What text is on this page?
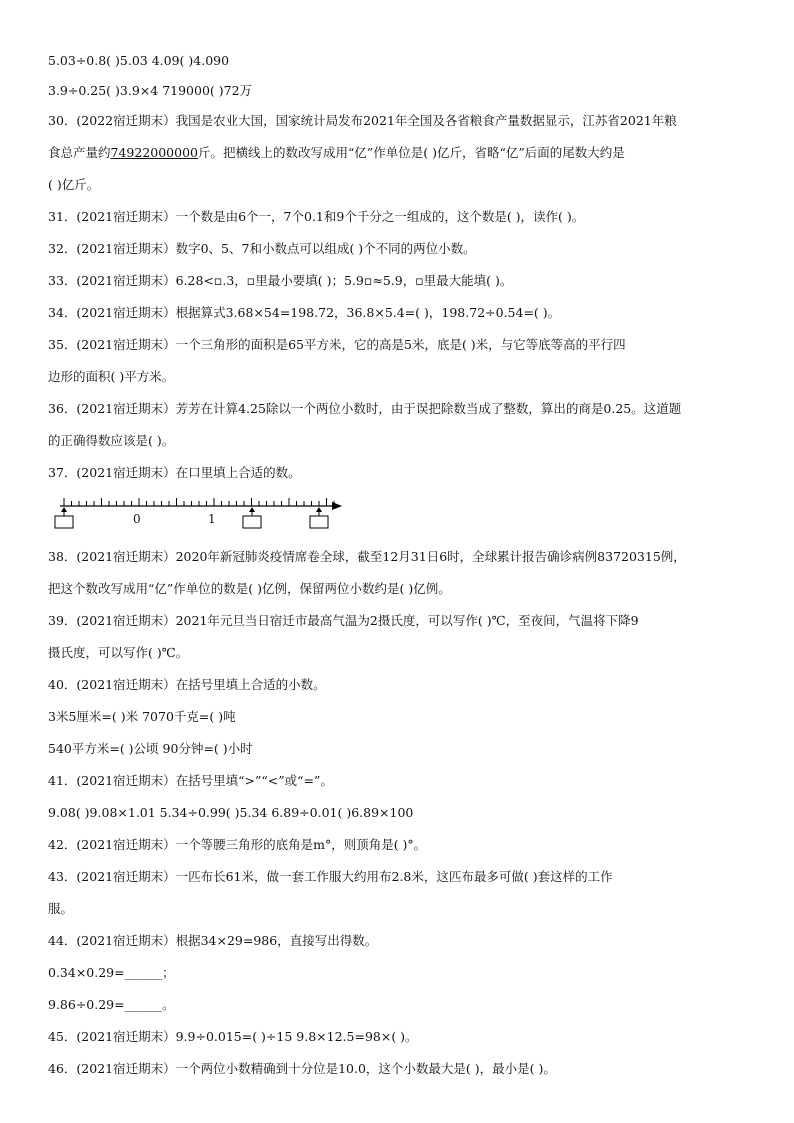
5.03÷0.8( )5.03 4.09( )4.090
3.9÷0.25( )3.9×4 719000( )72万
30．(2022宿迁期末）我国是农业大国，国家统计局发布2021年全国及各省粮食产量数据显示，江苏省2021年粮
食总产量约74922000000斤。把横线上的数改写成用“亿”作单位是( )亿斤，省略“亿”后面的尾数大约是
( )亿斤。
31．(2021宿迁期末）一个数是由6个一，7个0.1和9个千分之一组成的，这个数是( )，读作( )。
32．(2021宿迁期末）数字0、5、7和小数点可以组成( )个不同的两位小数。
33．(2021宿迁期末）6.28<▫.3，▫里最小要填( )；5.9▫≈5.9，▫里最大能填( )。
34．(2021宿迁期末）根据算式3.68×54=198.72，36.8×5.4=( )，198.72÷0.54=( )。
35．(2021宿迁期末）一个三角形的面积是65平方米，它的高是5米，底是( )米，与它等底等高的平行四
边形的面积( )平方米。
36．(2021宿迁期末）芳芳在计算4.25除以一个两位小数时，由于误把除数当成了整数，算出的商是0.25。这道题
的正确得数应该是( )。
37．(2021宿迁期末）在口里填上合适的数。
0	1
38．(2021宿迁期末）2020年新冠肺炎疫情席卷全球，截至12月31日6时，全球累计报告确诊病例83720315例，
把这个数改写成用“亿”作单位的数是( )亿例，保留两位小数约是( )亿例。
39．(2021宿迁期末）2021年元旦当日宿迁市最高气温为2摄氏度，可以写作( )℃，至夜间，气温将下降9
摄氏度，可以写作( )℃。
40．(2021宿迁期末）在括号里填上合适的小数。
3米5厘米=( )米 7070千克=( )吨
540平方米=( )公顷 90分钟=( )小时
41．(2021宿迁期末）在括号里填“>”“<”或“=”。
9.08( )9.08×1.01 5.34÷0.99( )5.34 6.89÷0.01( )6.89×100
42．(2021宿迁期末）一个等腰三角形的底角是m°，则顶角是( )°。
43．(2021宿迁期末）一匹布长61米，做一套工作服大约用布2.8米，这匹布最多可做( )套这样的工作
服。
44．(2021宿迁期末）根据34×29=986，直接写出得数。
0.34×0.29=______；
9.86÷0.29=______。
45．(2021宿迁期末）9.9÷0.015=( )÷15 9.8×12.5=98×( )。
46．(2021宿迁期末）一个两位小数精确到十分位是10.0，这个小数最大是( )，最小是( )。
